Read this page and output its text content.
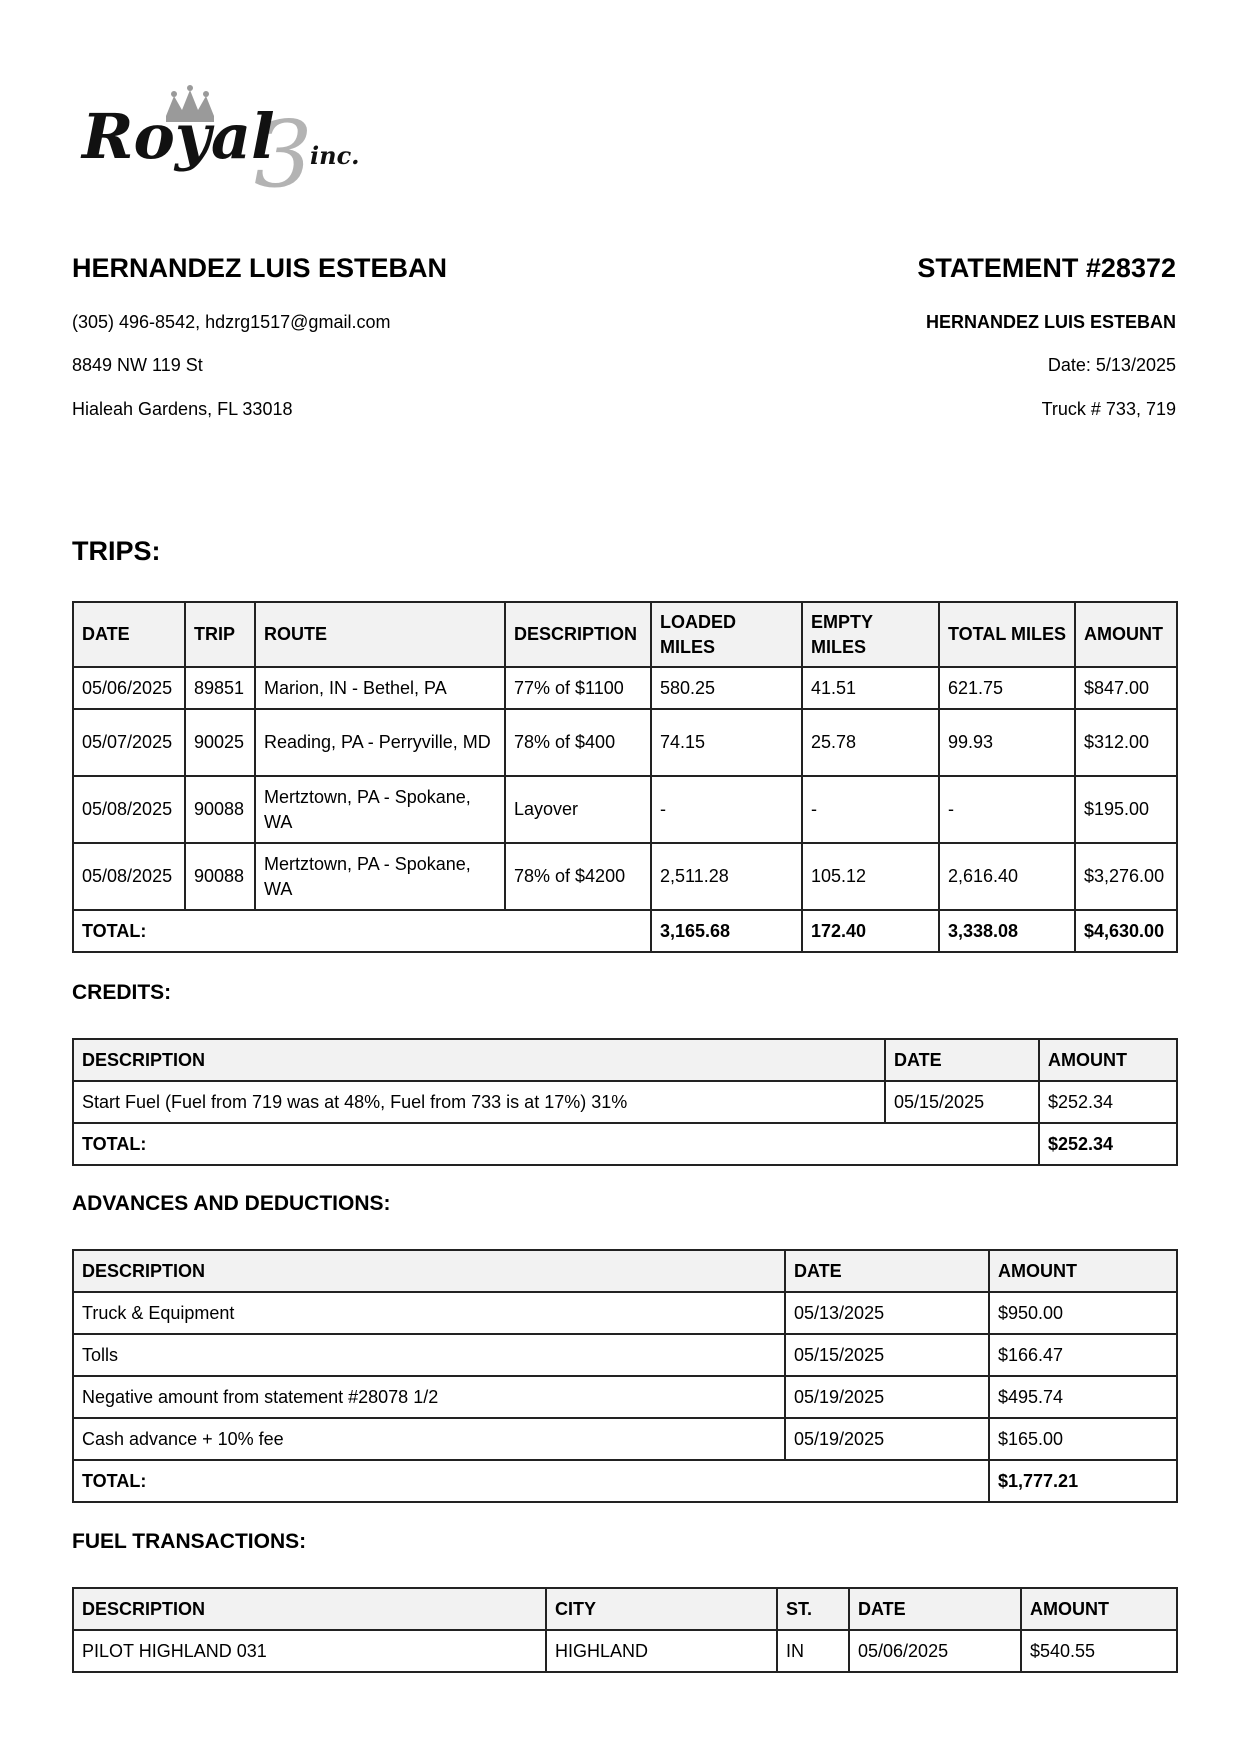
3
Royal inc.
HERNANDEZ LUIS ESTEBAN
(305) 496-8542, hdzrg1517@gmail.com
8849 NW 119 St
Hialeah Gardens, FL 33018
STATEMENT #28372
HERNANDEZ LUIS ESTEBAN
Date: 5/13/2025
Truck # 733, 719
TRIPS:
DATE	TRIP	ROUTE	DESCRIPTION	LOADED MILES	EMPTY MILES	TOTAL MILES	AMOUNT
05/06/2025	89851	Marion, IN - Bethel, PA	77% of $1100	580.25	41.51	621.75	$847.00
05/07/2025	90025	Reading, PA - Perryville, MD	78% of $400	74.15	25.78	99.93	$312.00
05/08/2025	90088	Mertztown, PA - Spokane, WA	Layover	-	-	-	$195.00
05/08/2025	90088	Mertztown, PA - Spokane, WA	78% of $4200	2,511.28	105.12	2,616.40	$3,276.00
TOTAL:				3,165.68	172.40	3,338.08	$4,630.00
CREDITS:
DESCRIPTION	DATE	AMOUNT
Start Fuel (Fuel from 719 was at 48%, Fuel from 733 is at 17%) 31%	05/15/2025	$252.34
TOTAL:		$252.34
ADVANCES AND DEDUCTIONS:
DESCRIPTION	DATE	AMOUNT
Truck & Equipment	05/13/2025	$950.00
Tolls	05/15/2025	$166.47
Negative amount from statement #28078 1/2	05/19/2025	$495.74
Cash advance + 10% fee	05/19/2025	$165.00
TOTAL:		$1,777.21
FUEL TRANSACTIONS:
DESCRIPTION	CITY	ST.	DATE	AMOUNT
PILOT HIGHLAND 031	HIGHLAND	IN	05/06/2025	$540.55
